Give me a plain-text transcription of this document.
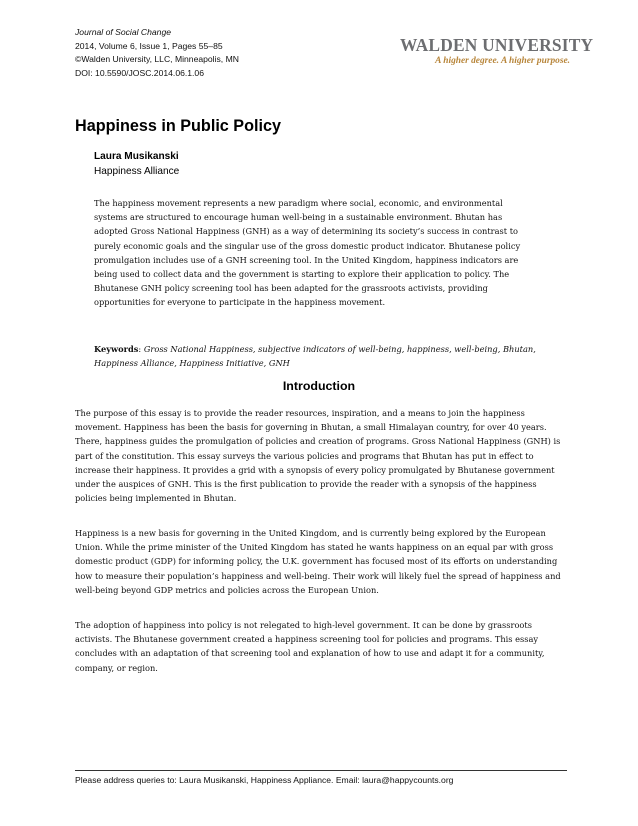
Journal of Social Change
2014, Volume 6, Issue 1, Pages 55–85
©Walden University, LLC, Minneapolis, MN
DOI: 10.5590/JOSC.2014.06.1.06
WALDEN UNIVERSITY
A higher degree. A higher purpose.
Happiness in Public Policy
Laura Musikanski
Happiness Alliance
The happiness movement represents a new paradigm where social, economic, and environmental systems are structured to encourage human well-being in a sustainable environment. Bhutan has adopted Gross National Happiness (GNH) as a way of determining its society’s success in contrast to purely economic goals and the singular use of the gross domestic product indicator. Bhutanese policy promulgation includes use of a GNH screening tool. In the United Kingdom, happiness indicators are being used to collect data and the government is starting to explore their application to policy. The Bhutanese GNH policy screening tool has been adapted for the grassroots activists, providing opportunities for everyone to participate in the happiness movement.
Keywords: Gross National Happiness, subjective indicators of well-being, happiness, well-being, Bhutan, Happiness Alliance, Happiness Initiative, GNH
Introduction

The purpose of this essay is to provide the reader resources, inspiration, and a means to join the happiness movement. Happiness has been the basis for governing in Bhutan, a small Himalayan country, for over 40 years. There, happiness guides the promulgation of policies and creation of programs. Gross National Happiness (GNH) is part of the constitution. This essay surveys the various policies and programs that Bhutan has put in effect to increase their happiness. It provides a grid with a synopsis of every policy promulgated by Bhutanese government under the auspices of GNH. This is the first publication to provide the reader with a synopsis of the happiness policies being implemented in Bhutan.

Happiness is a new basis for governing in the United Kingdom, and is currently being explored by the European Union. While the prime minister of the United Kingdom has stated he wants happiness on an equal par with gross domestic product (GDP) for informing policy, the U.K. government has focused most of its efforts on understanding how to measure their population’s happiness and well-being. Their work will likely fuel the spread of happiness and well-being beyond GDP metrics and policies across the European Union.

The adoption of happiness into policy is not relegated to high-level government. It can be done by grassroots activists. The Bhutanese government created a happiness screening tool for policies and programs. This essay concludes with an adaptation of that screening tool and explanation of how to use and adapt it for a community, company, or region.

Please address queries to: Laura Musikanski, Happiness Appliance. Email: laura@happycounts.org
